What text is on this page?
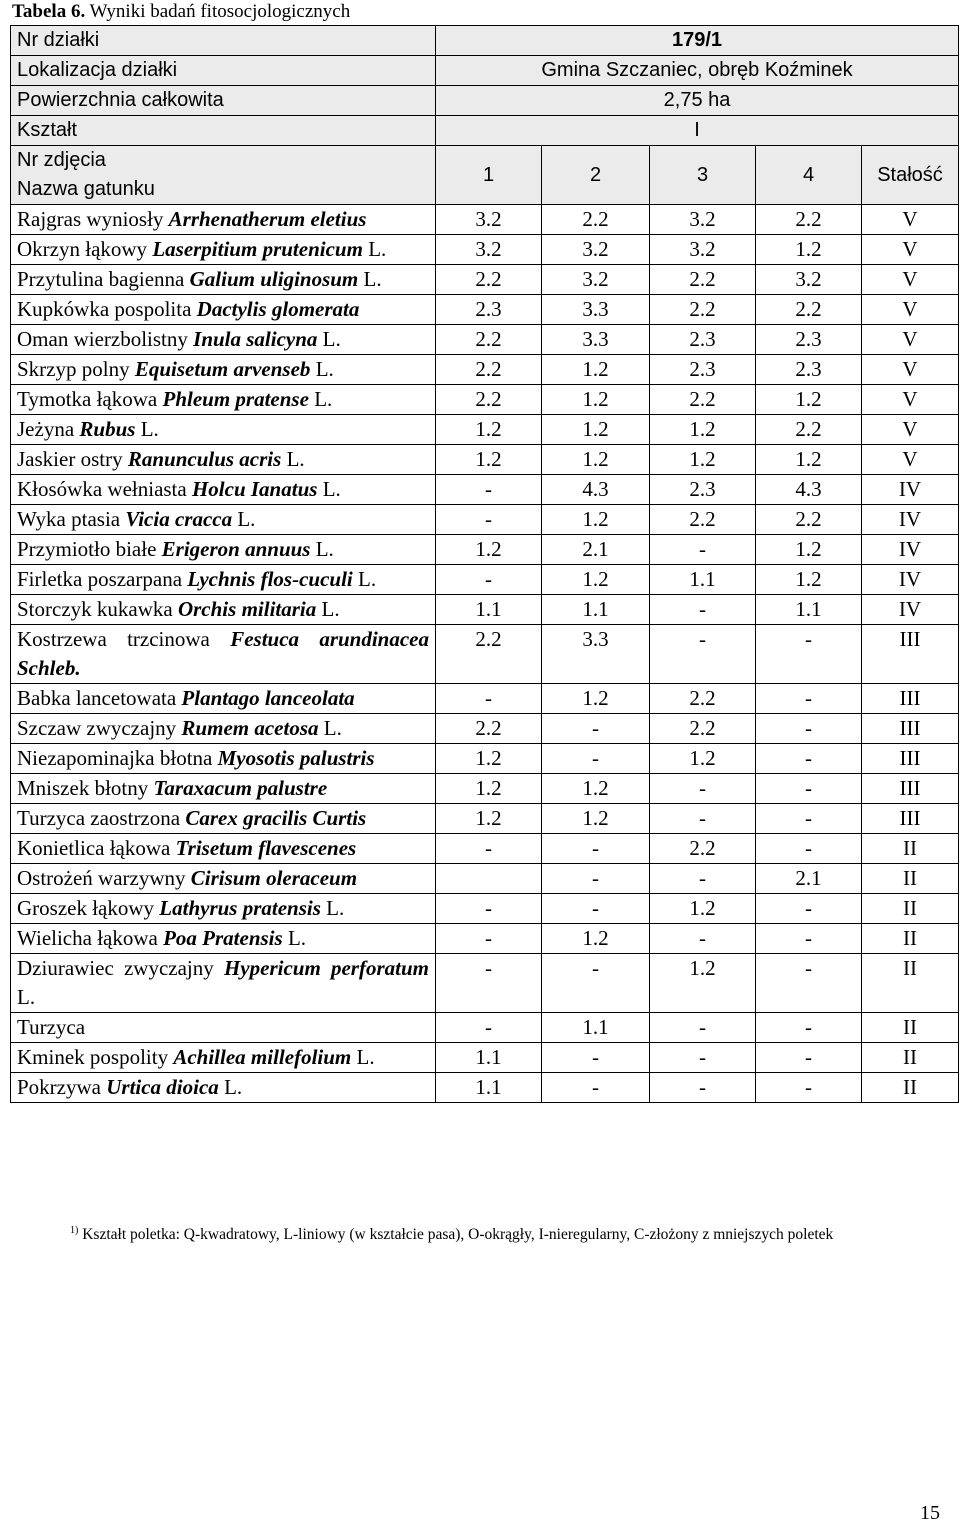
Tabela 6. Wyniki badań fitosocjologicznych
Nr działki	179/1				
Lokalizacja działki	Gmina Szczaniec, obręb Koźminek				
Powierzchnia całkowita	2,75 ha				
Kształt	I				

Nr zdjęcia
Nazwa gatunku	1	2	3	4	Stałość
Rajgras wyniosły Arrhenatherum eletius	3.2	2.2	3.2	2.2	V
Okrzyn łąkowy Laserpitium prutenicum L.	3.2	3.2	3.2	1.2	V
Przytulina bagienna Galium uliginosum L.	2.2	3.2	2.2	3.2	V
Kupkówka pospolita Dactylis glomerata	2.3	3.3	2.2	2.2	V
Oman wierzbolistny Inula salicyna L.	2.2	3.3	2.3	2.3	V
Skrzyp polny Equisetum arvenseb L.	2.2	1.2	2.3	2.3	V
Tymotka łąkowa Phleum pratense L.	2.2	1.2	2.2	1.2	V
Jeżyna Rubus L.	1.2	1.2	1.2	2.2	V
Jaskier ostry Ranunculus acris L.	1.2	1.2	1.2	1.2	V
Kłosówka wełniasta Holcu Ianatus L.	-	4.3	2.3	4.3	IV
Wyka ptasia Vicia cracca L.	-	1.2	2.2	2.2	IV
Przymiotło białe Erigeron annuus L.	1.2	2.1	-	1.2	IV
Firletka poszarpana Lychnis flos-cuculi L.	-	1.2	1.1	1.2	IV
Storczyk kukawka Orchis militaria L.	1.1	1.1	-	1.1	IV
Kostrzewa trzcinowa Festuca arundinacea Schleb.	2.2	3.3	-	-	III
Babka lancetowata Plantago lanceolata	-	1.2	2.2	-	III
Szczaw zwyczajny Rumem acetosa L.	2.2	-	2.2	-	III
Niezapominajka błotna Myosotis palustris	1.2	-	1.2	-	III
Mniszek błotny Taraxacum palustre	1.2	1.2	-	-	III
Turzyca zaostrzona Carex gracilis Curtis	1.2	1.2	-	-	III
Konietlica łąkowa Trisetum flavescenes	-	-	2.2	-	II
Ostrożeń warzywny Cirisum oleraceum		-	-	2.1	II
Groszek łąkowy Lathyrus pratensis L.	-	-	1.2	-	II
Wielicha łąkowa Poa Pratensis L.	-	1.2	-	-	II
Dziurawiec zwyczajny Hypericum perforatum L.	-	-	1.2	-	II
Turzyca	-	1.1	-	-	II
Kminek pospolity Achillea millefolium L.	1.1	-	-	-	II
Pokrzywa Urtica dioica L.	1.1	-	-	-	II
$^{1)}$ Kształt poletka: Q-kwadratowy, L-liniowy (w kształcie pasa), O-okrągły, I-nieregularny, C-złożony z mniejszych poletek
15
